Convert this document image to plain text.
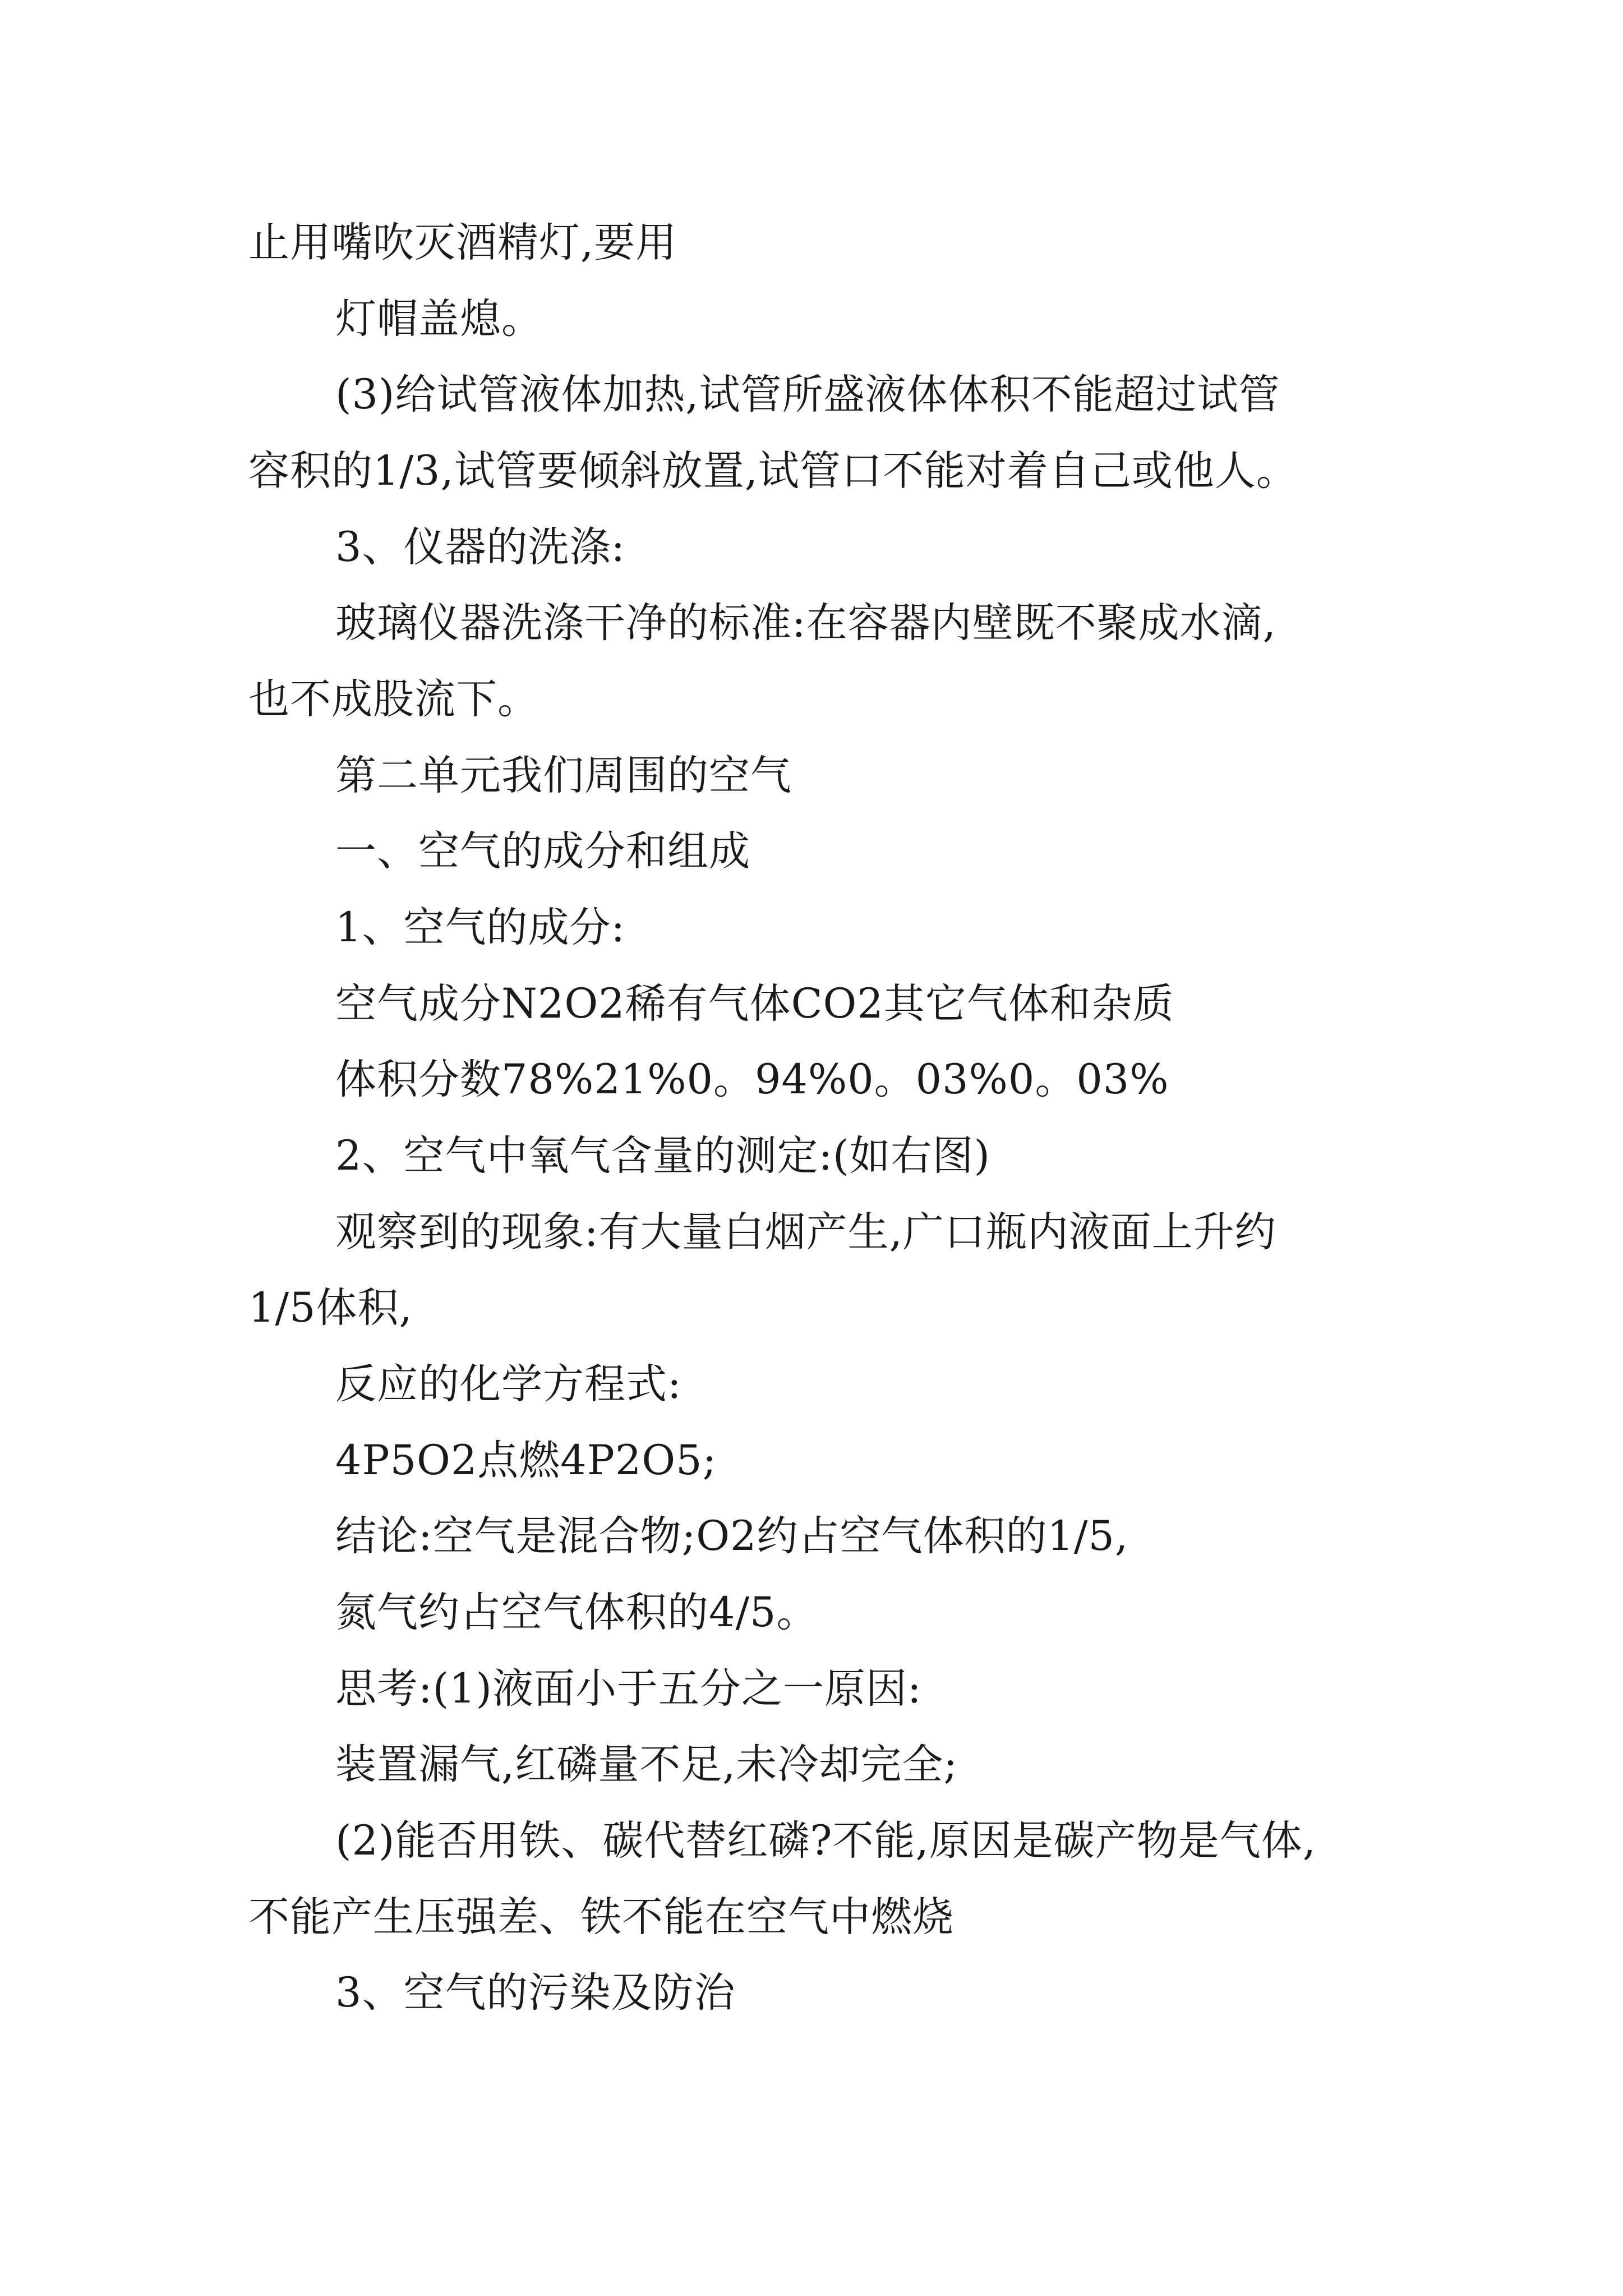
止用嘴吹灭酒精灯,要用
灯帽盖熄。
(3)给试管液体加热,试管所盛液体体积不能超过试管
容积的1/3,试管要倾斜放置,试管口不能对着自己或他人。
3、仪器的洗涤:
玻璃仪器洗涤干净的标准:在容器内壁既不聚成水滴,
也不成股流下。
第二单元我们周围的空气
一、空气的成分和组成
1、空气的成分:
空气成分N2O2稀有气体CO2其它气体和杂质
体积分数78%21%0。94%0。03%0。03%
2、空气中氧气含量的测定:(如右图)
观察到的现象:有大量白烟产生,广口瓶内液面上升约
1/5体积,
反应的化学方程式:
4P5O2点燃4P2O5;
结论:空气是混合物;O2约占空气体积的1/5,
氮气约占空气体积的4/5。
思考:(1)液面小于五分之一原因:
装置漏气,红磷量不足,未冷却完全;
(2)能否用铁、碳代替红磷?不能,原因是碳产物是气体,
不能产生压强差、铁不能在空气中燃烧
3、空气的污染及防治
